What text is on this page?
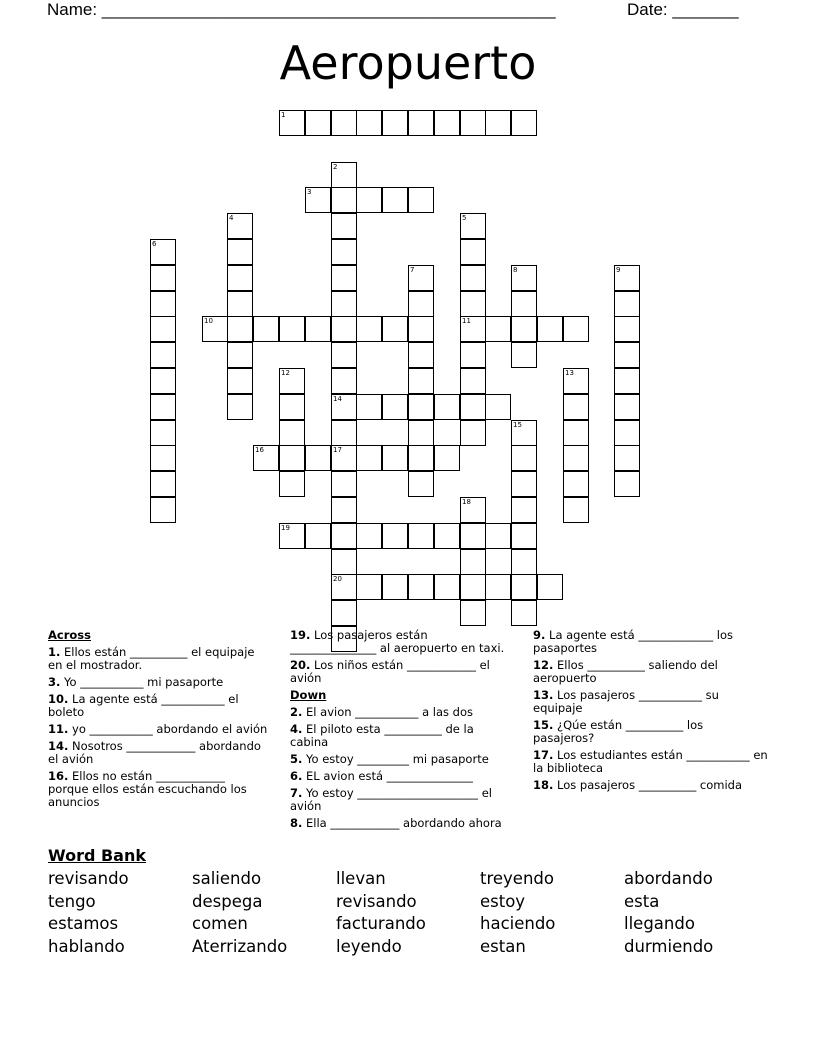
Name: ________________________________________________	Date: _______
Aeropuerto
1
2
14
17
20
3
4	5
11
6
7	8	9
10
12	13
15
16
18
19

Across

1. Ellos están __________ el equipaje en el mostrador.

3. Yo ___________ mi pasaporte

10. La agente está ___________ el boleto

11. yo ___________ abordando el avión

14. Nosotros ____________ abordando el avión

16. Ellos no están ____________ porque ellos están escuchando los anuncios

19. Los pasajeros están _______________ al aeropuerto en taxi.

20. Los niños están ____________ el avión

Down

2. El avion ___________ a las dos

4. El piloto esta __________ de la cabina

5. Yo estoy _________ mi pasaporte

6. EL avion está _______________

7. Yo estoy _____________________ el avión

8. Ella ____________ abordando ahora

9. La agente está _____________ los pasaportes

12. Ellos __________ saliendo del aeropuerto

13. Los pasajeros ___________ su equipaje

15. ¿Qúe están __________ los pasajeros?

17. Los estudiantes están ___________ en la biblioteca

18. Los pasajeros __________ comida

Word Bank
revisando	saliendo	llevan	treyendo	abordando
tengo	despega	revisando	estoy	esta
estamos	comen	facturando	haciendo	llegando
hablando	Aterrizando	leyendo	estan	durmiendo
